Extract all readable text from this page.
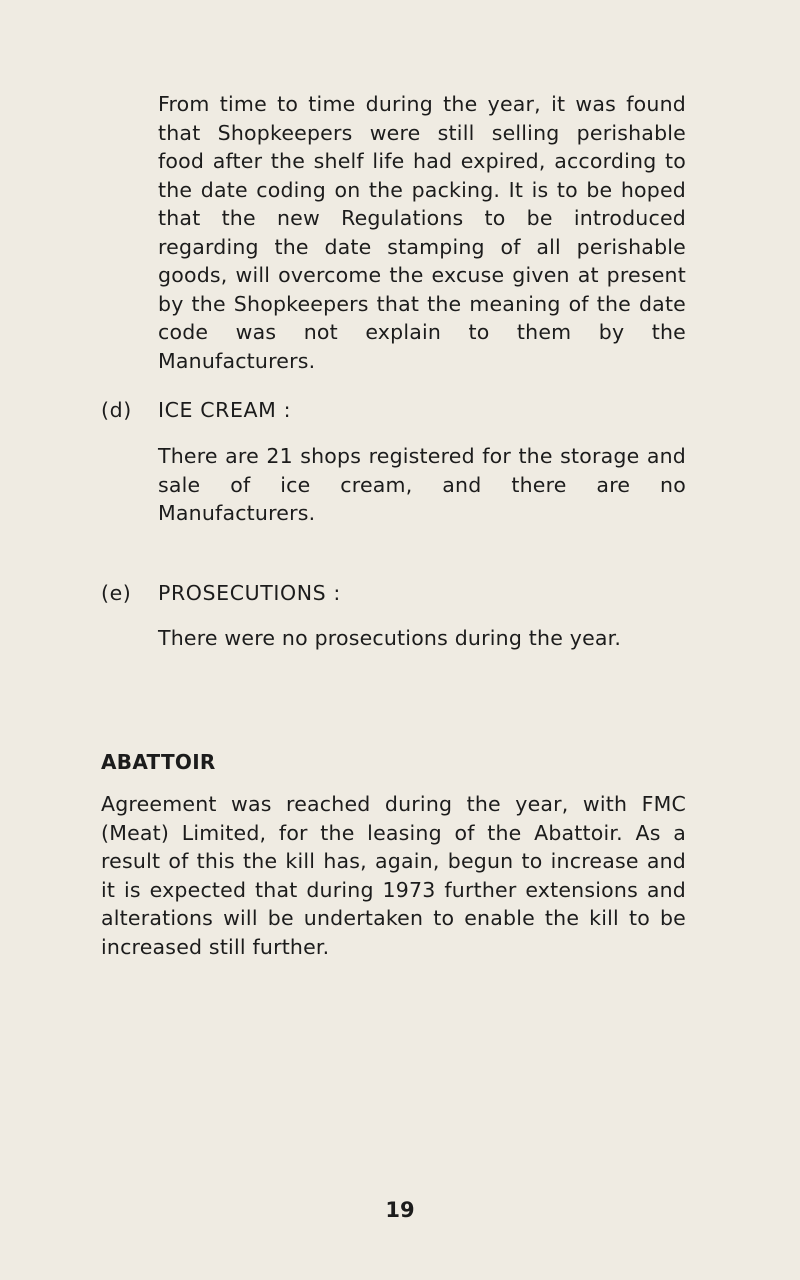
From time to time during the year, it was found that Shopkeepers were still selling perishable food after the shelf life had expired, according to the date coding on the packing. It is to be hoped that the new Regulations to be introduced regarding the date stamping of all perishable goods, will overcome the excuse given at present by the Shopkeepers that the meaning of the date code was not explain to them by the Manufacturers.

(d) ICE CREAM :

There are 21 shops registered for the storage and sale of ice cream, and there are no Manufacturers.

(e) PROSECUTIONS :

There were no prosecutions during the year.

ABATTOIR

Agreement was reached during the year, with FMC (Meat) Limited, for the leasing of the Abattoir. As a result of this the kill has, again, begun to increase and it is expected that during 1973 further extensions and alterations will be undertaken to enable the kill to be increased still further.

19
